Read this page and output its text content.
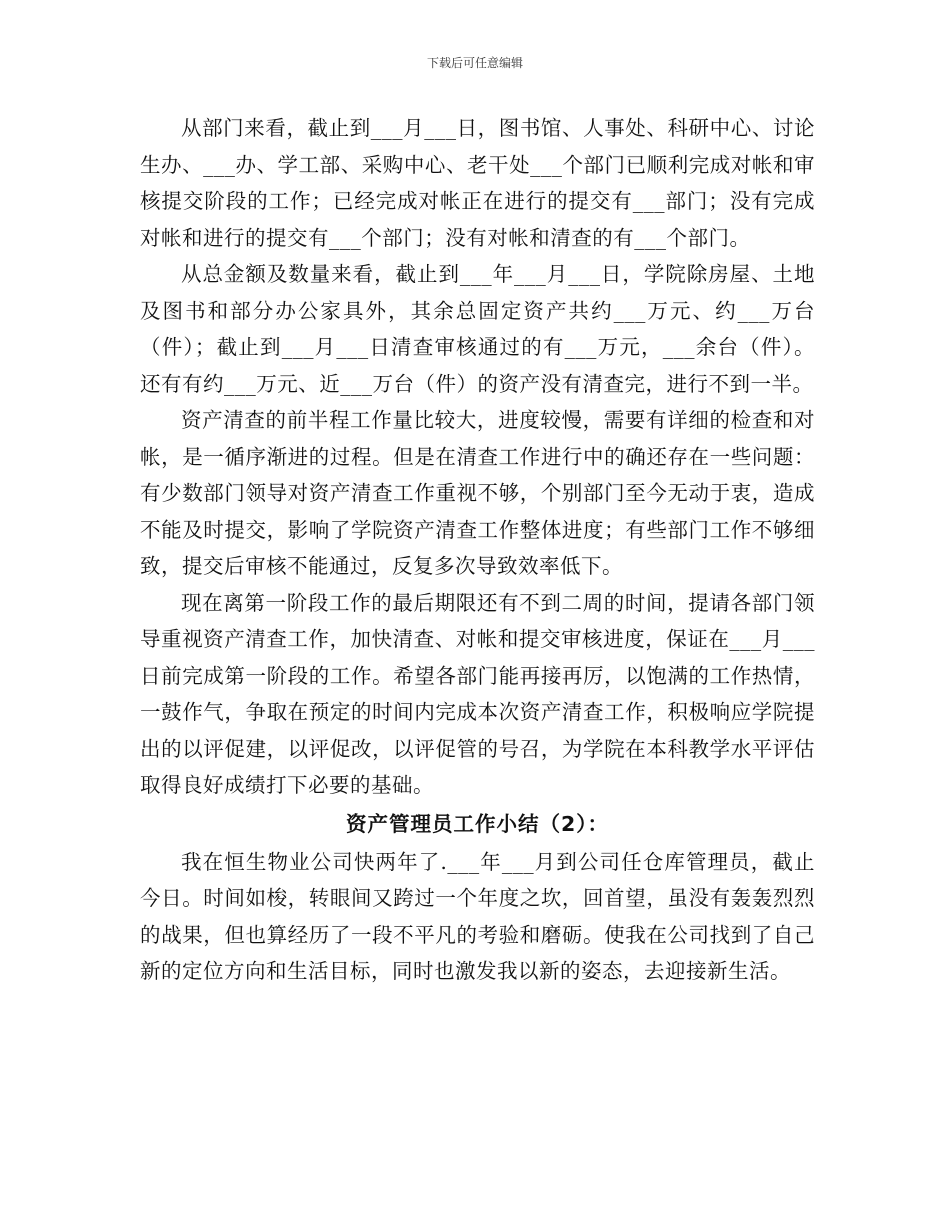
下载后可任意编辑

从部门来看，截止到___月___日，图书馆、人事处、科研中心、讨论生办、___办、学工部、采购中心、老干处___个部门已顺利完成对帐和审核提交阶段的工作；已经完成对帐正在进行的提交有___部门；没有完成对帐和进行的提交有___个部门；没有对帐和清查的有___个部门。

从总金额及数量来看，截止到___年___月___日，学院除房屋、土地及图书和部分办公家具外，其余总固定资产共约___万元、约___万台（件）；截止到___月___日清查审核通过的有___万元，___余台（件）。还有有约___万元、近___万台（件）的资产没有清查完，进行不到一半。

资产清查的前半程工作量比较大，进度较慢，需要有详细的检查和对帐，是一循序渐进的过程。但是在清查工作进行中的确还存在一些问题：有少数部门领导对资产清查工作重视不够，个别部门至今无动于衷，造成不能及时提交，影响了学院资产清查工作整体进度；有些部门工作不够细致，提交后审核不能通过，反复多次导致效率低下。

现在离第一阶段工作的最后期限还有不到二周的时间，提请各部门领导重视资产清查工作，加快清查、对帐和提交审核进度，保证在___月___日前完成第一阶段的工作。希望各部门能再接再厉，以饱满的工作热情，一鼓作气，争取在预定的时间内完成本次资产清查工作，积极响应学院提出的以评促建，以评促改，以评促管的号召，为学院在本科教学水平评估取得良好成绩打下必要的基础。

资产管理员工作小结（2）：

我在恒生物业公司快两年了.___年___月到公司任仓库管理员，截止今日。时间如梭，转眼间又跨过一个年度之坎，回首望，虽没有轰轰烈烈的战果，但也算经历了一段不平凡的考验和磨砺。使我在公司找到了自己新的定位方向和生活目标，同时也激发我以新的姿态，去迎接新生活。
